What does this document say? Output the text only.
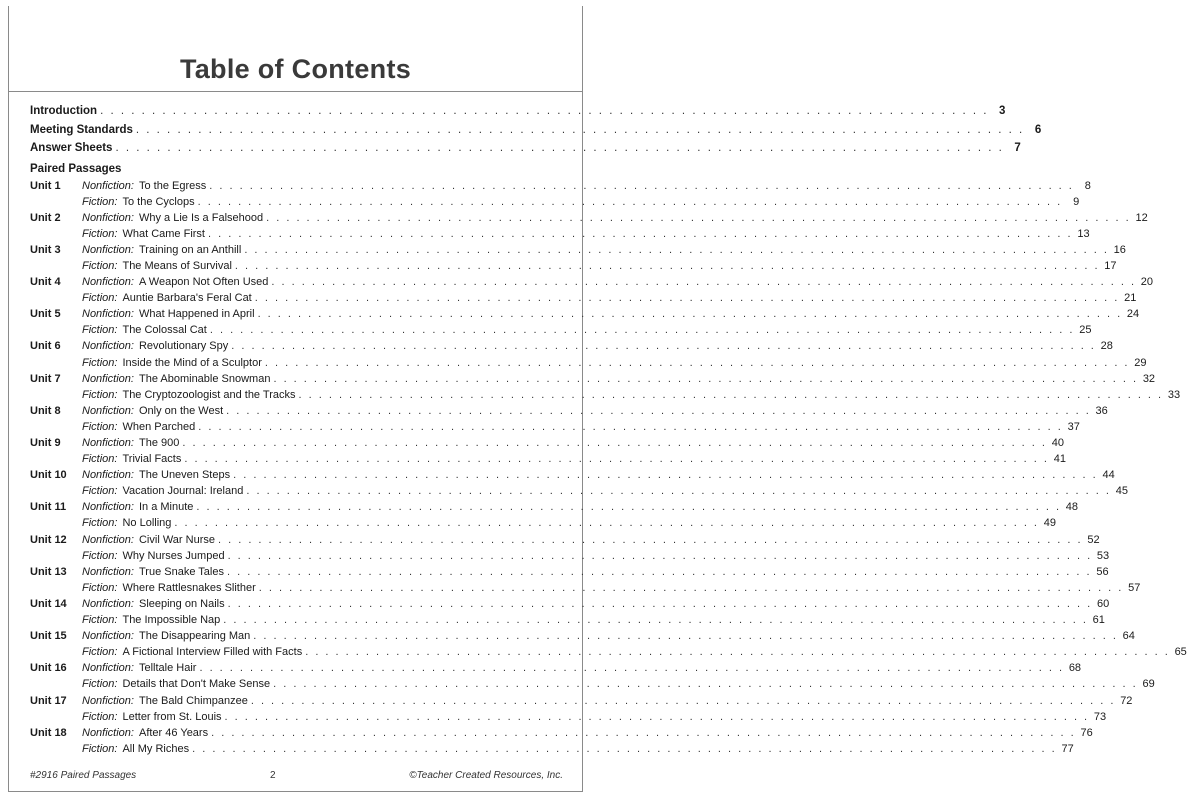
Table of Contents
Introduction . . . . . . . . . . . . . . . . . . . . . . . . . . . . . . . . . . . . . . . . . . . . . . . . . . . . . . . . . . . . . . . . . . . . . . . . . . . . . . . . . . . . . . 3
Meeting Standards . . . . . . . . . . . . . . . . . . . . . . . . . . . . . . . . . . . . . . . . . . . . . . . . . . . . . . . . . . . . . . . . . . . . . . . . . . . . . . . . . . . . . . 6
Answer Sheets . . . . . . . . . . . . . . . . . . . . . . . . . . . . . . . . . . . . . . . . . . . . . . . . . . . . . . . . . . . . . . . . . . . . . . . . . . . . . . . . . . . . . . 7
Paired Passages
Unit 1	Nonfiction: To the Egress . . . . . . . . . . . . . . . . . . . . . . . . . . . . . . . . . . . . . . . . . . . . . . . . . . . . . . . . . . . . . . . . . . . . . . . . . . . . . . . . . . . . . . 8
Fiction: To the Cyclops . . . . . . . . . . . . . . . . . . . . . . . . . . . . . . . . . . . . . . . . . . . . . . . . . . . . . . . . . . . . . . . . . . . . . . . . . . . . . . . . . . . . . . 9
Unit 2	Nonfiction: Why a Lie Is a Falsehood . . . . . . . . . . . . . . . . . . . . . . . . . . . . . . . . . . . . . . . . . . . . . . . . . . . . . . . . . . . . . . . . . . . . . . . . . . . . . . . . . . . . . . 12
Fiction: What Came First . . . . . . . . . . . . . . . . . . . . . . . . . . . . . . . . . . . . . . . . . . . . . . . . . . . . . . . . . . . . . . . . . . . . . . . . . . . . . . . . . . . . . . 13
Unit 3	Nonfiction: Training on an Anthill . . . . . . . . . . . . . . . . . . . . . . . . . . . . . . . . . . . . . . . . . . . . . . . . . . . . . . . . . . . . . . . . . . . . . . . . . . . . . . . . . . . . . . 16
Fiction: The Means of Survival . . . . . . . . . . . . . . . . . . . . . . . . . . . . . . . . . . . . . . . . . . . . . . . . . . . . . . . . . . . . . . . . . . . . . . . . . . . . . . . . . . . . . . 17
Unit 4	Nonfiction: A Weapon Not Often Used . . . . . . . . . . . . . . . . . . . . . . . . . . . . . . . . . . . . . . . . . . . . . . . . . . . . . . . . . . . . . . . . . . . . . . . . . . . . . . . . . . . . . . 20
Fiction: Auntie Barbara's Feral Cat . . . . . . . . . . . . . . . . . . . . . . . . . . . . . . . . . . . . . . . . . . . . . . . . . . . . . . . . . . . . . . . . . . . . . . . . . . . . . . . . . . . . . . 21
Unit 5	Nonfiction: What Happened in April . . . . . . . . . . . . . . . . . . . . . . . . . . . . . . . . . . . . . . . . . . . . . . . . . . . . . . . . . . . . . . . . . . . . . . . . . . . . . . . . . . . . . . 24
Fiction: The Colossal Cat . . . . . . . . . . . . . . . . . . . . . . . . . . . . . . . . . . . . . . . . . . . . . . . . . . . . . . . . . . . . . . . . . . . . . . . . . . . . . . . . . . . . . . 25
Unit 6	Nonfiction: Revolutionary Spy . . . . . . . . . . . . . . . . . . . . . . . . . . . . . . . . . . . . . . . . . . . . . . . . . . . . . . . . . . . . . . . . . . . . . . . . . . . . . . . . . . . . . . 28
Fiction: Inside the Mind of a Sculptor . . . . . . . . . . . . . . . . . . . . . . . . . . . . . . . . . . . . . . . . . . . . . . . . . . . . . . . . . . . . . . . . . . . . . . . . . . . . . . . . . . . . . . 29
Unit 7	Nonfiction: The Abominable Snowman . . . . . . . . . . . . . . . . . . . . . . . . . . . . . . . . . . . . . . . . . . . . . . . . . . . . . . . . . . . . . . . . . . . . . . . . . . . . . . . . . . . . . . 32
Fiction: The Cryptozoologist and the Tracks . . . . . . . . . . . . . . . . . . . . . . . . . . . . . . . . . . . . . . . . . . . . . . . . . . . . . . . . . . . . . . . . . . . . . . . . . . . . . . . . . . . . . . 33
Unit 8	Nonfiction: Only on the West . . . . . . . . . . . . . . . . . . . . . . . . . . . . . . . . . . . . . . . . . . . . . . . . . . . . . . . . . . . . . . . . . . . . . . . . . . . . . . . . . . . . . . 36
Fiction: When Parched . . . . . . . . . . . . . . . . . . . . . . . . . . . . . . . . . . . . . . . . . . . . . . . . . . . . . . . . . . . . . . . . . . . . . . . . . . . . . . . . . . . . . . 37
Unit 9	Nonfiction: The 900 . . . . . . . . . . . . . . . . . . . . . . . . . . . . . . . . . . . . . . . . . . . . . . . . . . . . . . . . . . . . . . . . . . . . . . . . . . . . . . . . . . . . . . 40
Fiction: Trivial Facts . . . . . . . . . . . . . . . . . . . . . . . . . . . . . . . . . . . . . . . . . . . . . . . . . . . . . . . . . . . . . . . . . . . . . . . . . . . . . . . . . . . . . . 41
Unit 10	Nonfiction: The Uneven Steps . . . . . . . . . . . . . . . . . . . . . . . . . . . . . . . . . . . . . . . . . . . . . . . . . . . . . . . . . . . . . . . . . . . . . . . . . . . . . . . . . . . . . . 44
Fiction: Vacation Journal: Ireland . . . . . . . . . . . . . . . . . . . . . . . . . . . . . . . . . . . . . . . . . . . . . . . . . . . . . . . . . . . . . . . . . . . . . . . . . . . . . . . . . . . . . . 45
Unit 11	Nonfiction: In a Minute . . . . . . . . . . . . . . . . . . . . . . . . . . . . . . . . . . . . . . . . . . . . . . . . . . . . . . . . . . . . . . . . . . . . . . . . . . . . . . . . . . . . . . 48
Fiction: No Lolling . . . . . . . . . . . . . . . . . . . . . . . . . . . . . . . . . . . . . . . . . . . . . . . . . . . . . . . . . . . . . . . . . . . . . . . . . . . . . . . . . . . . . . 49
Unit 12	Nonfiction: Civil War Nurse . . . . . . . . . . . . . . . . . . . . . . . . . . . . . . . . . . . . . . . . . . . . . . . . . . . . . . . . . . . . . . . . . . . . . . . . . . . . . . . . . . . . . . 52
Fiction: Why Nurses Jumped . . . . . . . . . . . . . . . . . . . . . . . . . . . . . . . . . . . . . . . . . . . . . . . . . . . . . . . . . . . . . . . . . . . . . . . . . . . . . . . . . . . . . . 53
Unit 13	Nonfiction: True Snake Tales . . . . . . . . . . . . . . . . . . . . . . . . . . . . . . . . . . . . . . . . . . . . . . . . . . . . . . . . . . . . . . . . . . . . . . . . . . . . . . . . . . . . . . 56
Fiction: Where Rattlesnakes Slither . . . . . . . . . . . . . . . . . . . . . . . . . . . . . . . . . . . . . . . . . . . . . . . . . . . . . . . . . . . . . . . . . . . . . . . . . . . . . . . . . . . . . . 57
Unit 14	Nonfiction: Sleeping on Nails . . . . . . . . . . . . . . . . . . . . . . . . . . . . . . . . . . . . . . . . . . . . . . . . . . . . . . . . . . . . . . . . . . . . . . . . . . . . . . . . . . . . . . 60
Fiction: The Impossible Nap . . . . . . . . . . . . . . . . . . . . . . . . . . . . . . . . . . . . . . . . . . . . . . . . . . . . . . . . . . . . . . . . . . . . . . . . . . . . . . . . . . . . . . 61
Unit 15	Nonfiction: The Disappearing Man . . . . . . . . . . . . . . . . . . . . . . . . . . . . . . . . . . . . . . . . . . . . . . . . . . . . . . . . . . . . . . . . . . . . . . . . . . . . . . . . . . . . . . 64
Fiction: A Fictional Interview Filled with Facts . . . . . . . . . . . . . . . . . . . . . . . . . . . . . . . . . . . . . . . . . . . . . . . . . . . . . . . . . . . . . . . . . . . . . . . . . . . . . . . . . . . . . . 65
Unit 16	Nonfiction: Telltale Hair . . . . . . . . . . . . . . . . . . . . . . . . . . . . . . . . . . . . . . . . . . . . . . . . . . . . . . . . . . . . . . . . . . . . . . . . . . . . . . . . . . . . . . 68
Fiction: Details that Don't Make Sense . . . . . . . . . . . . . . . . . . . . . . . . . . . . . . . . . . . . . . . . . . . . . . . . . . . . . . . . . . . . . . . . . . . . . . . . . . . . . . . . . . . . . . 69
Unit 17	Nonfiction: The Bald Chimpanzee . . . . . . . . . . . . . . . . . . . . . . . . . . . . . . . . . . . . . . . . . . . . . . . . . . . . . . . . . . . . . . . . . . . . . . . . . . . . . . . . . . . . . . 72
Fiction: Letter from St. Louis . . . . . . . . . . . . . . . . . . . . . . . . . . . . . . . . . . . . . . . . . . . . . . . . . . . . . . . . . . . . . . . . . . . . . . . . . . . . . . . . . . . . . . 73
Unit 18	Nonfiction: After 46 Years . . . . . . . . . . . . . . . . . . . . . . . . . . . . . . . . . . . . . . . . . . . . . . . . . . . . . . . . . . . . . . . . . . . . . . . . . . . . . . . . . . . . . . 76
Fiction: All My Riches . . . . . . . . . . . . . . . . . . . . . . . . . . . . . . . . . . . . . . . . . . . . . . . . . . . . . . . . . . . . . . . . . . . . . . . . . . . . . . . . . . . . . . 77
#2916 Paired Passages	2	©Teacher Created Resources, Inc.
